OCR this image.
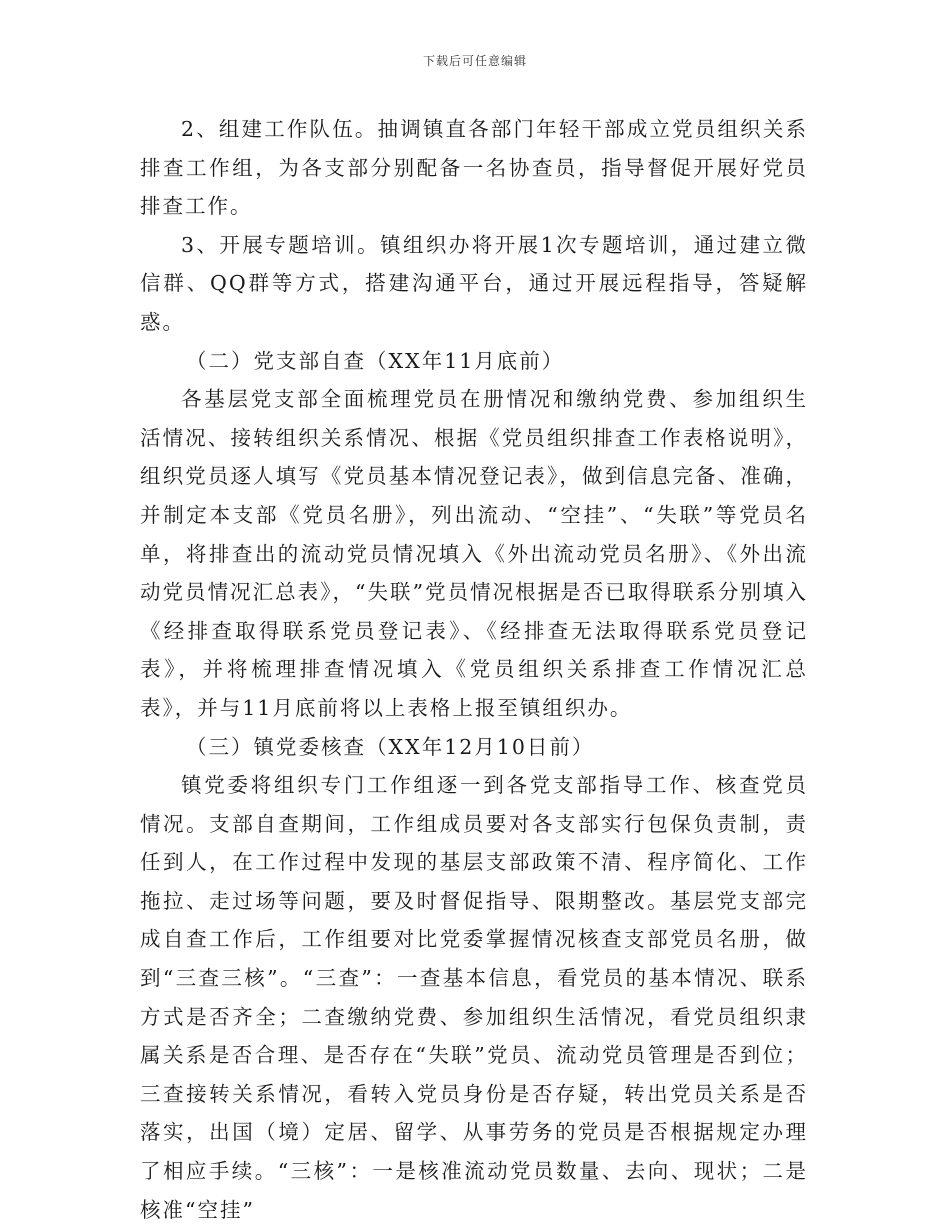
下载后可任意编辑

2、组建工作队伍。抽调镇直各部门年轻干部成立党员组织关系排查工作组，为各支部分别配备一名协查员，指导督促开展好党员排查工作。

3、开展专题培训。镇组织办将开展1次专题培训，通过建立微信群、QQ群等方式，搭建沟通平台，通过开展远程指导，答疑解惑。

（二）党支部自查（XX年11月底前）

各基层党支部全面梳理党员在册情况和缴纳党费、参加组织生活情况、接转组织关系情况、根据《党员组织排查工作表格说明》，组织党员逐人填写《党员基本情况登记表》，做到信息完备、准确，并制定本支部《党员名册》，列出流动、“空挂”、“失联”等党员名单，将排查出的流动党员情况填入《外出流动党员名册》、《外出流动党员情况汇总表》，“失联”党员情况根据是否已取得联系分别填入《经排查取得联系党员登记表》、《经排查无法取得联系党员登记表》，并将梳理排查情况填入《党员组织关系排查工作情况汇总表》，并与11月底前将以上表格上报至镇组织办。

（三）镇党委核查（XX年12月10日前）

镇党委将组织专门工作组逐一到各党支部指导工作、核查党员情况。支部自查期间，工作组成员要对各支部实行包保负责制，责任到人，在工作过程中发现的基层支部政策不清、程序简化、工作拖拉、走过场等问题，要及时督促指导、限期整改。基层党支部完成自查工作后，工作组要对比党委掌握情况核查支部党员名册，做到“三查三核”。“三查”：一查基本信息，看党员的基本情况、联系方式是否齐全；二查缴纳党费、参加组织生活情况，看党员组织隶属关系是否合理、是否存在“失联”党员、流动党员管理是否到位；三查接转关系情况，看转入党员身份是否存疑，转出党员关系是否落实，出国（境）定居、留学、从事劳务的党员是否根据规定办理了相应手续。“三核”：一是核准流动党员数量、去向、现状；二是核准“空挂”
